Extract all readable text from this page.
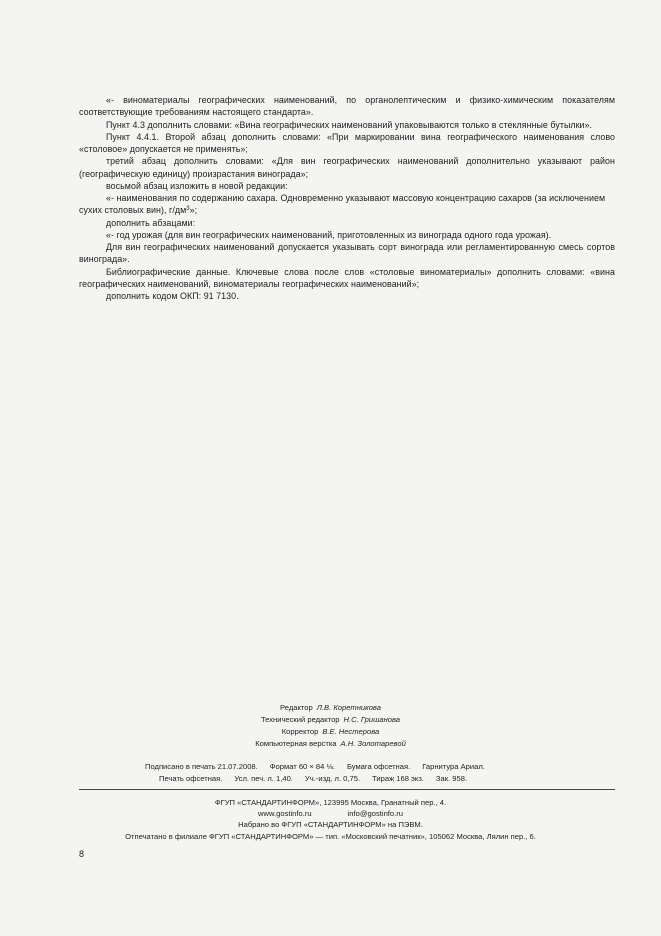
«- виноматериалы географических наименований, по органолептическим и физико-химическим показателям соответствующие требованиям настоящего стандарта».

Пункт 4.3 дополнить словами: «Вина географических наименований упаковываются только в стеклянные бутылки».

Пункт 4.4.1. Второй абзац дополнить словами: «При маркировании вина географического наименования слово «столовое» допускается не применять»;

третий абзац дополнить словами: «Для вин географических наименований дополнительно указывают район (географическую единицу) произрастания винограда»;

восьмой абзац изложить в новой редакции:

«- наименования по содержанию сахара. Одновременно указывают массовую концентрацию сахаров (за исключением сухих столовых вин), $г/дм^3$»;

дополнить абзацами:

«- год урожая (для вин географических наименований, приготовленных из винограда одного года урожая).

Для вин географических наименований допускается указывать сорт винограда или регламентированную смесь сортов винограда».

Библиографические данные. Ключевые слова после слов «столовые виноматериалы» дополнить словами: «вина географических наименований, виноматериалы географических наименований»;

дополнить кодом ОКП: 91 7130.

Редактор Л.В. Коретникова
Технический редактор Н.С. Гришанова
Корректор В.Е. Нестерова
Компьютерная верстка А.Н. Золотаревой
Подписано в печать 21.07.2008. Формат 60 × 84 ⅛. Бумага офсетная. Гарнитура Ариал.
Печать офсетная. Усл. печ. л. 1,40. Уч.-изд. л. 0,75. Тираж 168 экз. Зак. 958.
ФГУП «СТАНДАРТИНФОРМ», 123995 Москва, Гранатный пер., 4.
www.gostinfo.ru	info@gostinfo.ru
Набрано во ФГУП «СТАНДАРТИНФОРМ» на ПЭВМ.
Отпечатано в филиале ФГУП «СТАНДАРТИНФОРМ» — тип. «Московский печатник», 105062 Москва, Лялин пер., 6.
8
